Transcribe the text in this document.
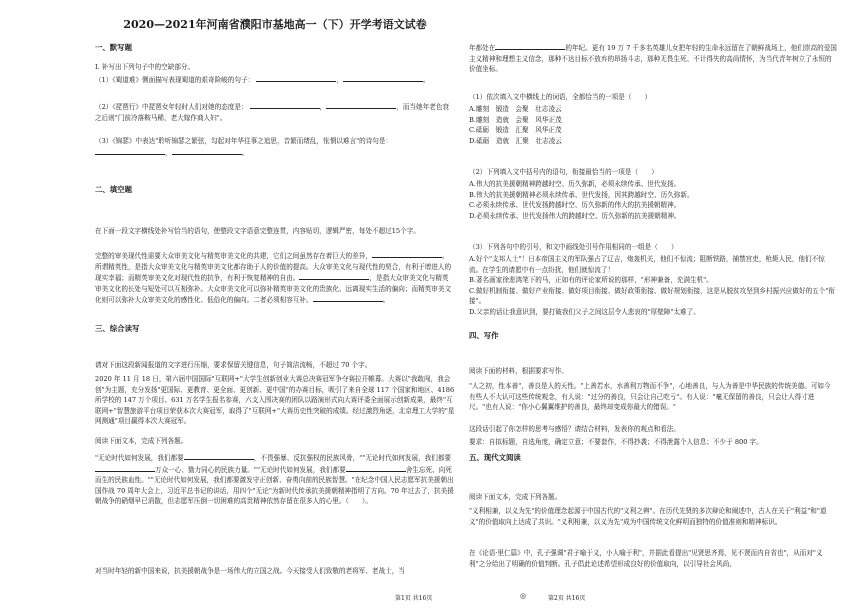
2020—2021年河南省濮阳市基地高一（下）开学考语文试卷
一、默写题
I. 补写出下列句子中的空缺部分。
（1）《蜀道难》侧面描写表现蜀道的艰奇险峻的句子：	，	。
（2）《琵琶行》中琵琶女年轻时人们对她的态度是：	，	，而当她年老色衰之后则"门前冷落鞍马稀，老大嫁作商人妇"。
（3）《锦瑟》中表达"聆听锦瑟之繁弦，勾起对年华往事之追思，音繁而绪乱，怅惘以难言"的诗句是： ，	。
二、填空题
在下面一段文字横线处补写恰当的语句，使整段文字语意完整连贯，内容贴切，逻辑严密，每处不超过15个字。
完整的审美现代性需要大众审美文化与精英审美文化的共建，它们之间虽然存在着巨大的差异，	。所谓精英性，是指大众审美文化与精英审美文化都存助于人的价值的提高。大众审美文化与现代性的契合，有利于增进人的现实幸福；而精英审美文化对现代性的抗争，有利于恢复精神的自由。	，是指大众审美文化与精英审美文化的长处与短处可以互相弥补。大众审美文化可以弥补精英审美文化的贵族化、远离现实生活的偏向；而精英审美文化则可以弥补大众审美文化的感性化、低俗化的偏向。二者必须相容互补。	。
三、综合读写
请对下面这段新闻报道的文字进行压缩，要求保留关键信息，句子简洁流畅，不超过 70 个字。
2020 年 11 月 18 日，第六届中国国际"互联网+"大学生创新创业大赛总决赛冠军争夺赛拉开帷幕。大赛以"我敢闯，我会创"为主题，充分发扬"更国际、更教育、更全面、更创新、更中国"的办赛目标，吸引了来自全球 117 个国家和地区、4186 所学校的 147 万个项目、631 万名学生报名参赛，六支入围决赛的团队以路演形式向大赛评委全面展示创新成果，最终"互联网+"智慧旅游平台项目荣获本次大赛冠军，取得了"互联网+"大赛历史性突破的成绩。经过激烈角逐，北京理工大学的"星网测通"项目赢得本次大赛冠军。
阅读下面文本，完成下列各题。
"无论时代如何发展，我们都要	，不畏强暴、反抗强权的民族风骨，""无论时代如何发展，我们都要万众一心、勠力同心的民族力量。""无论时代如何发展，我们都要	舍生忘死、向死而生的民族血性。""无论时代如何发展，我们都要激发守正创新、奋勇向前的民族智慧。"在纪念中国人民志愿军抗美援朝出国作战 70 周年大会上，习近平总书记的讲话，用四个"无论"为新时代传承抗美援朝精神指明了方向。70 年过去了，抗美援朝战争的硝烟早已消散，但志愿军压倒一切困难的高贵精神依然存留在很多人的心里。（　　）。
对当时年轻的新中国来说，抗美援朝战争是一场伟大的立国之战。今天接受人们致敬的老将军、老战士，当
年都处在	的年纪。更有 19 万 7 千多名英雄儿女把年轻的生命永远留在了朝鲜战场上，他们崇高的爱国主义精神和理想主义信念，那种不达目标不放弃的昂扬斗志，那种无畏生死、不计得失的高尚情怀，为当代青年树立了永恒的价值坐标。
（1）依次填入文中横线上的词语，全都恰当的一项是（　　）
A.雕刻　锻造　会聚　壮志凌云
B.雕刻　造就　会聚　风华正茂
C.砥砺　锻造　汇聚　风华正茂
D.砥砺　造就　汇聚　壮志凌云
（2）下列填入文中括号内的语句，衔接最恰当的一项是（　　）
A.伟大的抗美援朝精神跨越时空、历久弥新，必须永续传承、世代发扬。
B.伟大的抗美援朝精神必须永续传承、世代发扬，因其跨越时空、历久弥新。
C.必须永续传承、世代发扬跨越时空、历久弥新的伟大的抗美援朝精神。
D.必须永续传承、世代发扬伟大的跨越时空、历久弥新的抗美援朝精神。
（3）下列各句中的引号，和文中画线处引号作用相同的一组是（　　）
A.好个"支邦人士"！日本帝国主义的军队强占了辽吉，炮轰机关，他们不惊流；阻断铁路，捕禁宫吏，枪毙人民，他们不惊流。在学生的请愿中有一点纷扰，他们就惊流了！
B.著名画家徐悲鸿笔下的马，正如有的评论家所说的那样，"形神兼备，充满生机"。
C.做好机制衔接、做好产业衔接、做好项目衔接、做好政策衔接、做好规划衔接，这是从脱贫攻坚到乡村振兴应做好的五个"衔接"。
D.父亲的话让我意识到，要打破我们父子之间这层令人悲哀的"厚壁障"太难了。
四、写作
阅读下面的材料，根据要求写作。
"人之初，性本善"，善良是人的天性。"上善若水，水善利万物而不争"，心地善良，与人为善是中华民族的传统美德。可如今有些人不大认可这些传统观念，有人说："过分的善良，只会让自己吃亏"。有人说："毫无保留的善良，只会让人得寸进尺。"也有人说："你小心翼翼维护的善良，最终却变成你最大的错误。"
这段话引起了你怎样的思考与感悟？请结合材料，发表你的观点和看法。
要求：自拟标题，自选角度，确定立意；不要套作，不得抄袭；不得泄露个人信息；不少于 800 字。
五、现代文阅读
阅读下面文本，完成下列各题。
"义利相兼，以义为先"的价值理念起源于中国古代的"义利之辨"。在历代先贤的多次辩论和阐述中，古人在关于"利益"和"道义"的价值取向上达成了共识。"义利相兼，以义为先"成为中国传统文化鲜明而独特的价值准则和精神标识。
在《论语·里仁篇》中，孔子强调"君子喻于义，小人喻于利"，并据此看提出"见贤思齐焉，见不贤而内自省也"，从而对"义利"之分给出了明确的价值判断。孔子倡此论述希望形成良好的价值取向，以引导社会风尚、
第1页 共16页	◎	第2页 共16页
